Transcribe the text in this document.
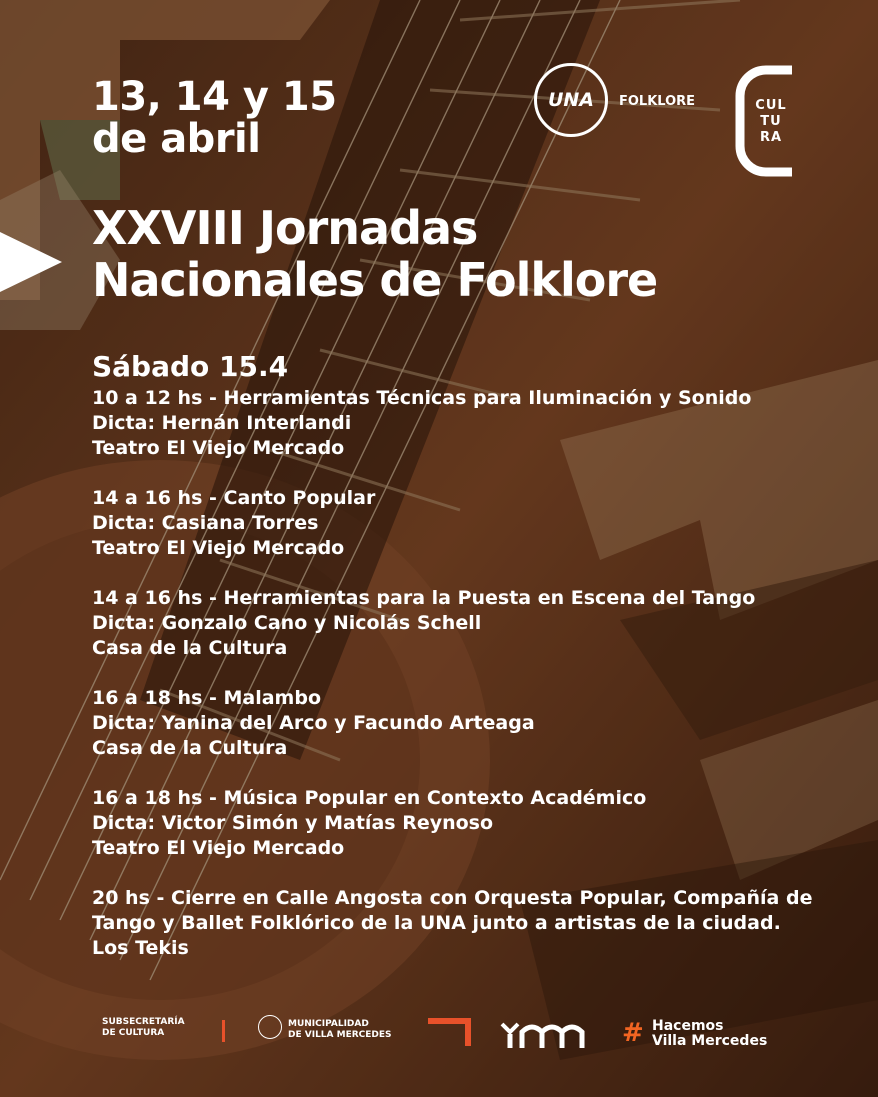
13, 14 y 15
de abril
UNA FOLKLORE	CUL
TU
RA
XXVIII Jornadas
Nacionales de Folklore
Sábado 15.4
10 a 12 hs - Herramientas Técnicas para Iluminación y Sonido
Dicta: Hernán Interlandi
Teatro El Viejo Mercado
14 a 16 hs - Canto Popular
Dicta: Casiana Torres
Teatro El Viejo Mercado
14 a 16 hs - Herramientas para la Puesta en Escena del Tango
Dicta: Gonzalo Cano y Nicolás Schell
Casa de la Cultura
16 a 18 hs - Malambo
Dicta: Yanina del Arco y Facundo Arteaga
Casa de la Cultura
16 a 18 hs - Música Popular en Contexto Académico
Dicta: Victor Simón y Matías Reynoso
Teatro El Viejo Mercado
20 hs - Cierre en Calle Angosta con Orquesta Popular, Compañía de Tango y Ballet Folklórico de la UNA junto a artistas de la ciudad.
Los Tekis
SUBSECRETARÍA
DE CULTURA
MUNICIPALIDAD
DE VILLA MERCEDES	# Hacemos
Villa Mercedes
